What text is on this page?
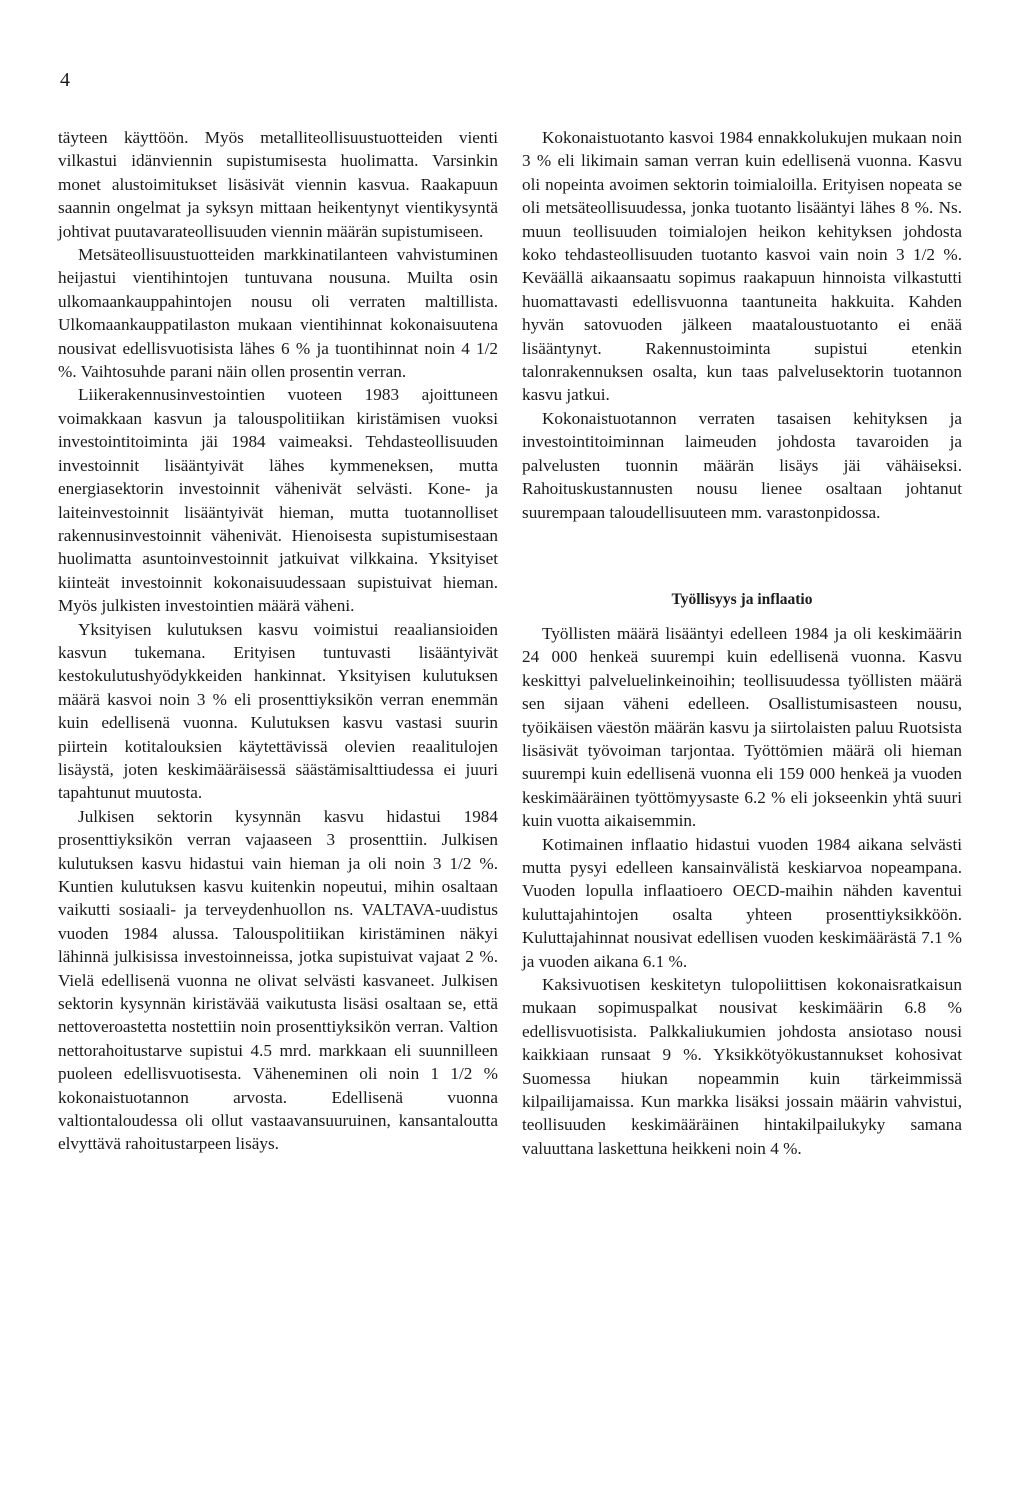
4

täyteen käyttöön. Myös metalliteollisuustuotteiden vienti vilkastui idänviennin supistumisesta huolimatta. Varsinkin monet alustoimitukset lisäsivät viennin kasvua. Raakapuun saannin ongelmat ja syksyn mittaan heikentynyt vientikysyntä johtivat puutavarateollisuuden viennin määrän supistumiseen.

Metsäteollisuustuotteiden markkinatilanteen vahvistuminen heijastui vientihintojen tuntuvana nousuna. Muilta osin ulkomaankauppahintojen nousu oli verraten maltillista. Ulkomaankauppatilaston mukaan vientihinnat kokonaisuutena nousivat edellisvuotisista lähes 6 % ja tuontihinnat noin 4 1/2 %. Vaihtosuhde parani näin ollen prosentin verran.

Liikerakennusinvestointien vuoteen 1983 ajoittuneen voimakkaan kasvun ja talouspolitiikan kiristämisen vuoksi investointitoiminta jäi 1984 vaimeaksi. Tehdasteollisuuden investoinnit lisääntyivät lähes kymmeneksen, mutta energiasektorin investoinnit vähenivät selvästi. Kone- ja laiteinvestoinnit lisääntyivät hieman, mutta tuotannolliset rakennusinvestoinnit vähenivät. Hienoisesta supistumisestaan huolimatta asuntoinvestoinnit jatkuivat vilkkaina. Yksityiset kiinteät investoinnit kokonaisuudessaan supistuivat hieman. Myös julkisten investointien määrä väheni.

Yksityisen kulutuksen kasvu voimistui reaaliansioiden kasvun tukemana. Erityisen tuntuvasti lisääntyivät kestokulutushyödykkeiden hankinnat. Yksityisen kulutuksen määrä kasvoi noin 3 % eli prosenttiyksikön verran enemmän kuin edellisenä vuonna. Kulutuksen kasvu vastasi suurin piirtein kotitalouksien käytettävissä olevien reaalitulojen lisäystä, joten keskimääräisessä säästämisalttiudessa ei juuri tapahtunut muutosta.

Julkisen sektorin kysynnän kasvu hidastui 1984 prosenttiyksikön verran vajaaseen 3 prosenttiin. Julkisen kulutuksen kasvu hidastui vain hieman ja oli noin 3 1/2 %. Kuntien kulutuksen kasvu kuitenkin nopeutui, mihin osaltaan vaikutti sosiaali- ja terveydenhuollon ns. VALTAVA-uudistus vuoden 1984 alussa. Talouspolitiikan kiristäminen näkyi lähinnä julkisissa investoinneissa, jotka supistuivat vajaat 2 %. Vielä edellisenä vuonna ne olivat selvästi kasvaneet. Julkisen sektorin kysynnän kiristävää vaikutusta lisäsi osaltaan se, että nettoveroastetta nostettiin noin prosenttiyksikön verran. Valtion nettorahoitustarve supistui 4.5 mrd. markkaan eli suunnilleen puoleen edellisvuotisesta. Väheneminen oli noin 1 1/2 % kokonaistuotannon arvosta. Edellisenä vuonna valtiontaloudessa oli ollut vastaavansuuruinen, kansantaloutta elvyttävä rahoitustarpeen lisäys.

Kokonaistuotanto kasvoi 1984 ennakkolukujen mukaan noin 3 % eli likimain saman verran kuin edellisenä vuonna. Kasvu oli nopeinta avoimen sektorin toimialoilla. Erityisen nopeata se oli metsäteollisuudessa, jonka tuotanto lisääntyi lähes 8 %. Ns. muun teollisuuden toimialojen heikon kehityksen johdosta koko tehdasteollisuuden tuotanto kasvoi vain noin 3 1/2 %. Keväällä aikaansaatu sopimus raakapuun hinnoista vilkastutti huomattavasti edellisvuonna taantuneita hakkuita. Kahden hyvän satovuoden jälkeen maataloustuotanto ei enää lisääntynyt. Rakennustoiminta supistui etenkin talonrakennuksen osalta, kun taas palvelusektorin tuotannon kasvu jatkui.

Kokonaistuotannon verraten tasaisen kehityksen ja investointitoiminnan laimeuden johdosta tavaroiden ja palvelusten tuonnin määrän lisäys jäi vähäiseksi. Rahoituskustannusten nousu lienee osaltaan johtanut suurempaan taloudellisuuteen mm. varastonpidossa.

Työllisyys ja inflaatio

Työllisten määrä lisääntyi edelleen 1984 ja oli keskimäärin 24 000 henkeä suurempi kuin edellisenä vuonna. Kasvu keskittyi palveluelinkeinoihin; teollisuudessa työllisten määrä sen sijaan väheni edelleen. Osallistumisasteen nousu, työikäisen väestön määrän kasvu ja siirtolaisten paluu Ruotsista lisäsivät työvoiman tarjontaa. Työttömien määrä oli hieman suurempi kuin edellisenä vuonna eli 159 000 henkeä ja vuoden keskimääräinen työttömyysaste 6.2 % eli jokseenkin yhtä suuri kuin vuotta aikaisemmin.

Kotimainen inflaatio hidastui vuoden 1984 aikana selvästi mutta pysyi edelleen kansainvälistä keskiarvoa nopeampana. Vuoden lopulla inflaatioero OECD-maihin nähden kaventui kuluttajahintojen osalta yhteen prosenttiyksikköön. Kuluttajahinnat nousivat edellisen vuoden keskimäärästä 7.1 % ja vuoden aikana 6.1 %.

Kaksivuotisen keskitetyn tulopoliittisen kokonaisratkaisun mukaan sopimuspalkat nousivat keskimäärin 6.8 % edellisvuotisista. Palkkaliukumien johdosta ansiotaso nousi kaikkiaan runsaat 9 %. Yksikkötyökustannukset kohosivat Suomessa hiukan nopeammin kuin tärkeimmissä kilpailijamaissa. Kun markka lisäksi jossain määrin vahvistui, teollisuuden keskimääräinen hintakilpailukyky samana valuuttana laskettuna heikkeni noin 4 %.
